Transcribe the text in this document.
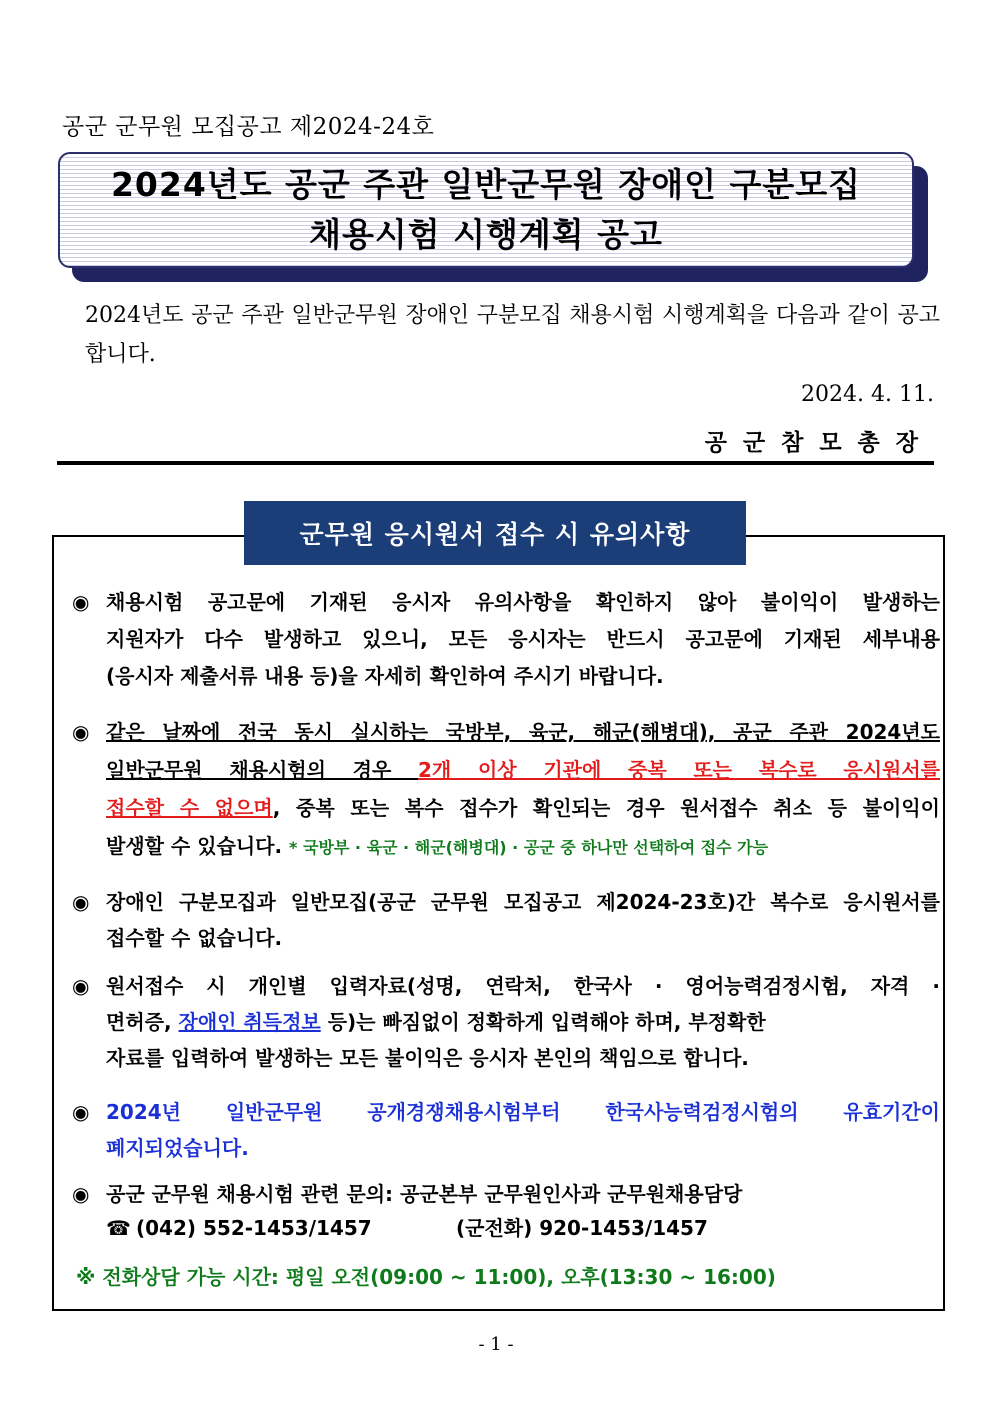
공군 군무원 모집공고 제2024-24호
2024년도 공군 주관 일반군무원 장애인 구분모집
채용시험 시행계획 공고
2024년도 공군 주관 일반군무원 장애인 구분모집 채용시험 시행계획을 다음과 같이 공고합니다.
2024. 4. 11.
공군참모총장
군무원 응시원서 접수 시 유의사항
◉ 채용시험 공고문에 기재된 응시자 유의사항을 확인하지 않아 불이익이 발생하는
지원자가 다수 발생하고 있으니, 모든 응시자는 반드시 공고문에 기재된 세부내용
(응시자 제출서류 내용 등)을 자세히 확인하여 주시기 바랍니다.
◉ 같은 날짜에 전국 동시 실시하는 국방부, 육군, 해군(해병대), 공군 주관 2024년도
일반군무원 채용시험의 경우 2개 이상 기관에 중복 또는 복수로 응시원서를
접수할 수 없으며, 중복 또는 복수 접수가 확인되는 경우 원서접수 취소 등 불이익이
발생할 수 있습니다. * 국방부 · 육군 · 해군(해병대) · 공군 중 하나만 선택하여 접수 가능
◉ 장애인 구분모집과 일반모집(공군 군무원 모집공고 제2024-23호)간 복수로 응시원서를
접수할 수 없습니다.
◉ 원서접수 시 개인별 입력자료(성명, 연락처, 한국사 · 영어능력검정시험, 자격 ·
면허증, 장애인 취득정보 등)는 빠짐없이 정확하게 입력해야 하며, 부정확한
자료를 입력하여 발생하는 모든 불이익은 응시자 본인의 책임으로 합니다.
◉ 2024년 일반군무원 공개경쟁채용시험부터 한국사능력검정시험의 유효기간이
폐지되었습니다.
◉ 공군 군무원 채용시험 관련 문의: 공군본부 군무원인사과 군무원채용담당
☎ (042) 552-1453/1457	(군전화) 920-1453/1457
※ 전화상담 가능 시간: 평일 오전(09:00 ~ 11:00), 오후(13:30 ~ 16:00)
- 1 -
